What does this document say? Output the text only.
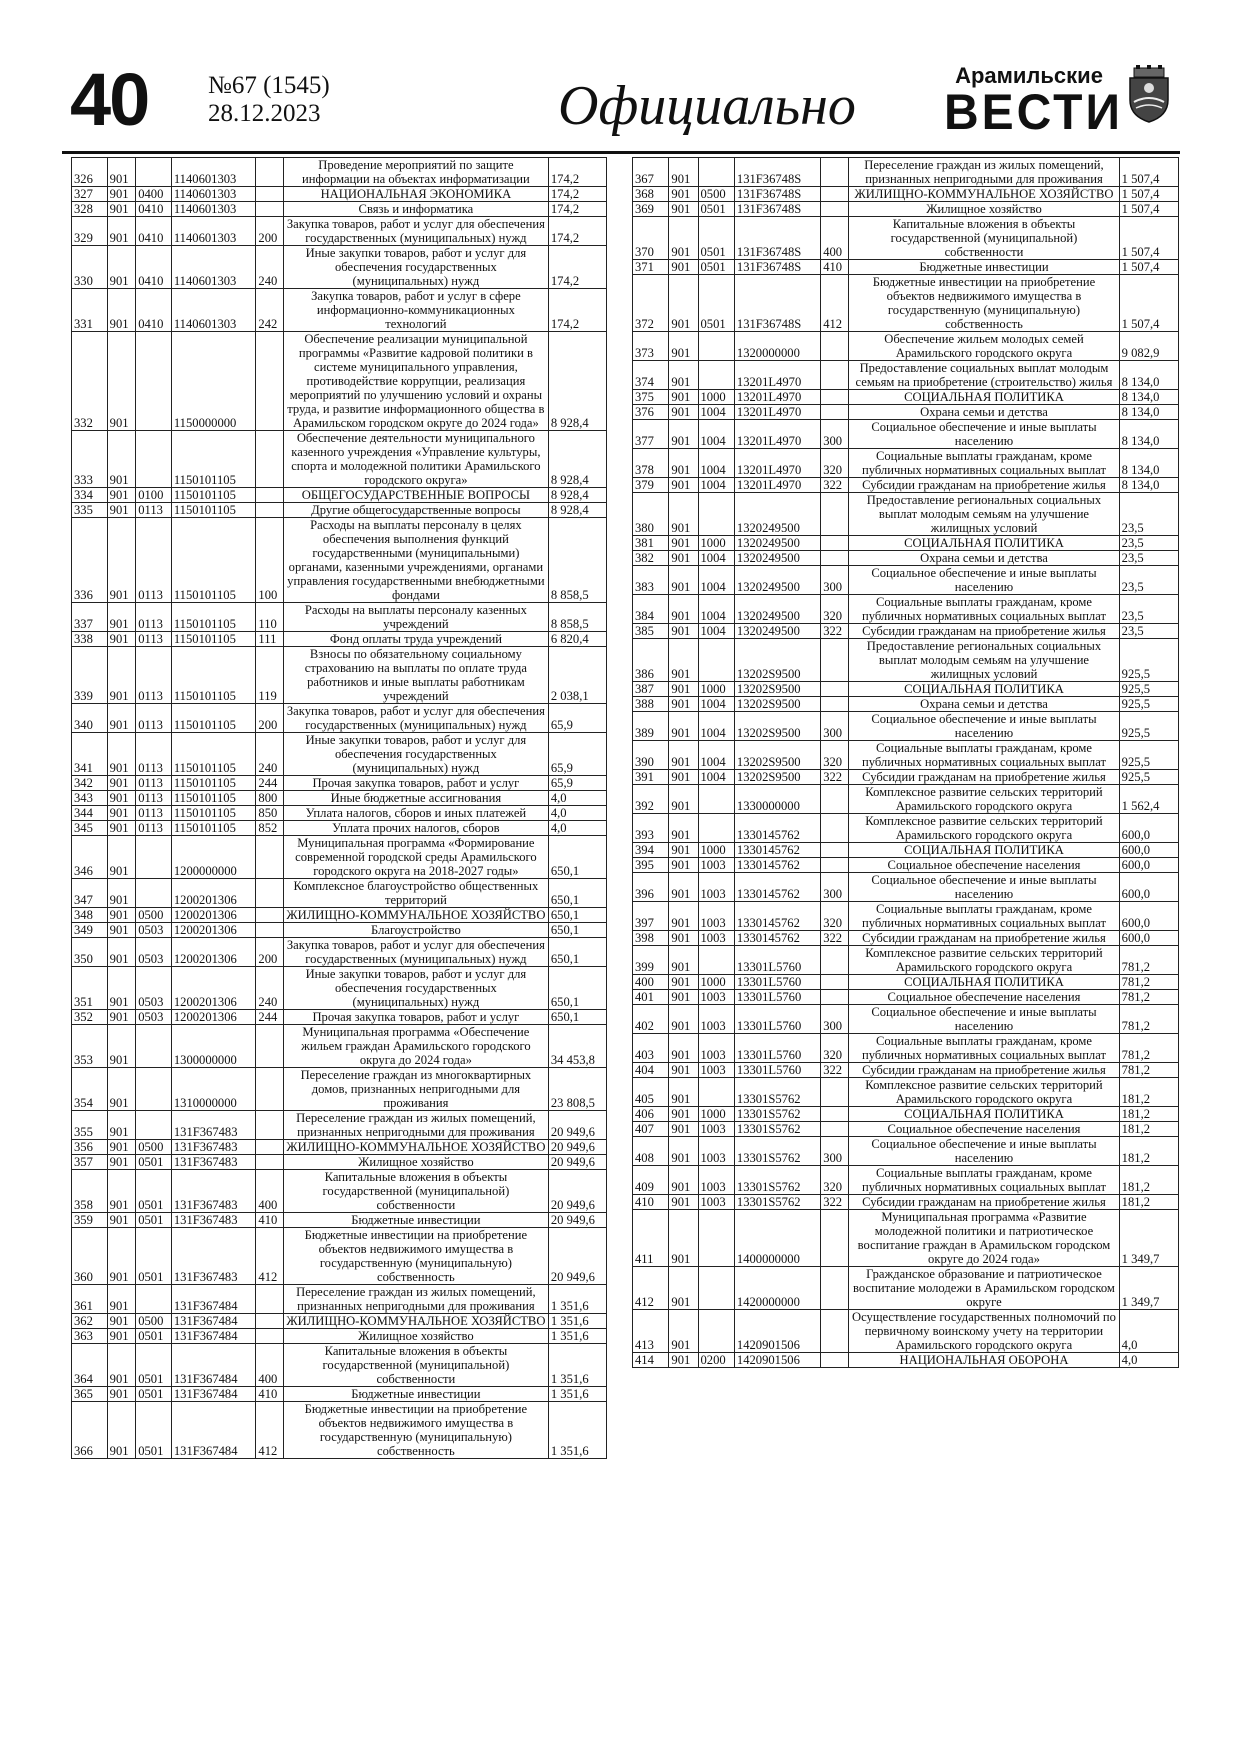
40 №67 (1545)
28.12.2023	Официально	Арамильские
ВЕСТИ
326	901		1140601303		Проведение мероприятий по защите информации на объектах информатизации	174,2
327	901	0400	1140601303		НАЦИОНАЛЬНАЯ ЭКОНОМИКА	174,2
328	901	0410	1140601303		Связь и информатика	174,2
329	901	0410	1140601303	200	Закупка товаров, работ и услуг для обеспечения государственных (муниципальных) нужд	174,2
330	901	0410	1140601303	240	Иные закупки товаров, работ и услуг для обеспечения государственных (муниципальных) нужд	174,2
331	901	0410	1140601303	242	Закупка товаров, работ и услуг в сфере информационно-коммуникационных технологий	174,2
332	901		1150000000		Обеспечение реализации муниципальной программы «Развитие кадровой политики в системе муниципального управления, противодействие коррупции, реализация мероприятий по улучшению условий и охраны труда, и развитие информационного общества в Арамильском городском округе до 2024 года»	8 928,4
333	901		1150101105		Обеспечение деятельности муниципального казенного учреждения «Управление культуры, спорта и молодежной политики Арамильского городского округа»	8 928,4
334	901	0100	1150101105		ОБЩЕГОСУДАРСТВЕННЫЕ ВОПРОСЫ	8 928,4
335	901	0113	1150101105		Другие общегосударственные вопросы	8 928,4
336	901	0113	1150101105	100	Расходы на выплаты персоналу в целях обеспечения выполнения функций государственными (муниципальными) органами, казенными учреждениями, органами управления государственными внебюджетными фондами	8 858,5
337	901	0113	1150101105	110	Расходы на выплаты персоналу казенных учреждений	8 858,5
338	901	0113	1150101105	111	Фонд оплаты труда учреждений	6 820,4
339	901	0113	1150101105	119	Взносы по обязательному социальному страхованию на выплаты по оплате труда работников и иные выплаты работникам учреждений	2 038,1
340	901	0113	1150101105	200	Закупка товаров, работ и услуг для обеспечения государственных (муниципальных) нужд	65,9
341	901	0113	1150101105	240	Иные закупки товаров, работ и услуг для обеспечения государственных (муниципальных) нужд	65,9
342	901	0113	1150101105	244	Прочая закупка товаров, работ и услуг	65,9
343	901	0113	1150101105	800	Иные бюджетные ассигнования	4,0
344	901	0113	1150101105	850	Уплата налогов, сборов и иных платежей	4,0
345	901	0113	1150101105	852	Уплата прочих налогов, сборов	4,0
346	901		1200000000		Муниципальная программа «Формирование современной городской среды Арамильского городского округа на 2018-2027 годы»	650,1
347	901		1200201306		Комплексное благоустройство общественных территорий	650,1
348	901	0500	1200201306		ЖИЛИЩНО-КОММУНАЛЬНОЕ ХОЗЯЙСТВО	650,1
349	901	0503	1200201306		Благоустройство	650,1
350	901	0503	1200201306	200	Закупка товаров, работ и услуг для обеспечения государственных (муниципальных) нужд	650,1
351	901	0503	1200201306	240	Иные закупки товаров, работ и услуг для обеспечения государственных (муниципальных) нужд	650,1
352	901	0503	1200201306	244	Прочая закупка товаров, работ и услуг	650,1
353	901		1300000000		Муниципальная программа «Обеспечение жильем граждан Арамильского городского округа до 2024 года»	34 453,8
354	901		1310000000		Переселение граждан из многоквартирных домов, признанных непригодными для проживания	23 808,5
355	901		131F367483		Переселение граждан из жилых помещений, признанных непригодными для проживания	20 949,6
356	901	0500	131F367483		ЖИЛИЩНО-КОММУНАЛЬНОЕ ХОЗЯЙСТВО	20 949,6
357	901	0501	131F367483		Жилищное хозяйство	20 949,6
358	901	0501	131F367483	400	Капитальные вложения в объекты государственной (муниципальной) собственности	20 949,6
359	901	0501	131F367483	410	Бюджетные инвестиции	20 949,6
360	901	0501	131F367483	412	Бюджетные инвестиции на приобретение объектов недвижимого имущества в государственную (муниципальную) собственность	20 949,6
361	901		131F367484		Переселение граждан из жилых помещений, признанных непригодными для проживания	1 351,6
362	901	0500	131F367484		ЖИЛИЩНО-КОММУНАЛЬНОЕ ХОЗЯЙСТВО	1 351,6
363	901	0501	131F367484		Жилищное хозяйство	1 351,6
364	901	0501	131F367484	400	Капитальные вложения в объекты государственной (муниципальной) собственности	1 351,6
365	901	0501	131F367484	410	Бюджетные инвестиции	1 351,6
366	901	0501	131F367484	412	Бюджетные инвестиции на приобретение объектов недвижимого имущества в государственную (муниципальную) собственность	1 351,6
367	901		131F36748S		Переселение граждан из жилых помещений, признанных непригодными для проживания	1 507,4
368	901	0500	131F36748S		ЖИЛИЩНО-КОММУНАЛЬНОЕ ХОЗЯЙСТВО	1 507,4
369	901	0501	131F36748S		Жилищное хозяйство	1 507,4
370	901	0501	131F36748S	400	Капитальные вложения в объекты государственной (муниципальной) собственности	1 507,4
371	901	0501	131F36748S	410	Бюджетные инвестиции	1 507,4
372	901	0501	131F36748S	412	Бюджетные инвестиции на приобретение объектов недвижимого имущества в государственную (муниципальную) собственность	1 507,4
373	901		1320000000		Обеспечение жильем молодых семей Арамильского городского округа	9 082,9
374	901		13201L4970		Предоставление социальных выплат молодым семьям на приобретение (строительство) жилья	8 134,0
375	901	1000	13201L4970		СОЦИАЛЬНАЯ ПОЛИТИКА	8 134,0
376	901	1004	13201L4970		Охрана семьи и детства	8 134,0
377	901	1004	13201L4970	300	Социальное обеспечение и иные выплаты населению	8 134,0
378	901	1004	13201L4970	320	Социальные выплаты гражданам, кроме публичных нормативных социальных выплат	8 134,0
379	901	1004	13201L4970	322	Субсидии гражданам на приобретение жилья	8 134,0
380	901		1320249500		Предоставление региональных социальных выплат молодым семьям на улучшение жилищных условий	23,5
381	901	1000	1320249500		СОЦИАЛЬНАЯ ПОЛИТИКА	23,5
382	901	1004	1320249500		Охрана семьи и детства	23,5
383	901	1004	1320249500	300	Социальное обеспечение и иные выплаты населению	23,5
384	901	1004	1320249500	320	Социальные выплаты гражданам, кроме публичных нормативных социальных выплат	23,5
385	901	1004	1320249500	322	Субсидии гражданам на приобретение жилья	23,5
386	901		13202S9500		Предоставление региональных социальных выплат молодым семьям на улучшение жилищных условий	925,5
387	901	1000	13202S9500		СОЦИАЛЬНАЯ ПОЛИТИКА	925,5
388	901	1004	13202S9500		Охрана семьи и детства	925,5
389	901	1004	13202S9500	300	Социальное обеспечение и иные выплаты населению	925,5
390	901	1004	13202S9500	320	Социальные выплаты гражданам, кроме публичных нормативных социальных выплат	925,5
391	901	1004	13202S9500	322	Субсидии гражданам на приобретение жилья	925,5
392	901		1330000000		Комплексное развитие сельских территорий Арамильского городского округа	1 562,4
393	901		1330145762		Комплексное развитие сельских территорий Арамильского городского округа	600,0
394	901	1000	1330145762		СОЦИАЛЬНАЯ ПОЛИТИКА	600,0
395	901	1003	1330145762		Социальное обеспечение населения	600,0
396	901	1003	1330145762	300	Социальное обеспечение и иные выплаты населению	600,0
397	901	1003	1330145762	320	Социальные выплаты гражданам, кроме публичных нормативных социальных выплат	600,0
398	901	1003	1330145762	322	Субсидии гражданам на приобретение жилья	600,0
399	901		13301L5760		Комплексное развитие сельских территорий Арамильского городского округа	781,2
400	901	1000	13301L5760		СОЦИАЛЬНАЯ ПОЛИТИКА	781,2
401	901	1003	13301L5760		Социальное обеспечение населения	781,2
402	901	1003	13301L5760	300	Социальное обеспечение и иные выплаты населению	781,2
403	901	1003	13301L5760	320	Социальные выплаты гражданам, кроме публичных нормативных социальных выплат	781,2
404	901	1003	13301L5760	322	Субсидии гражданам на приобретение жилья	781,2
405	901		13301S5762		Комплексное развитие сельских территорий Арамильского городского округа	181,2
406	901	1000	13301S5762		СОЦИАЛЬНАЯ ПОЛИТИКА	181,2
407	901	1003	13301S5762		Социальное обеспечение населения	181,2
408	901	1003	13301S5762	300	Социальное обеспечение и иные выплаты населению	181,2
409	901	1003	13301S5762	320	Социальные выплаты гражданам, кроме публичных нормативных социальных выплат	181,2
410	901	1003	13301S5762	322	Субсидии гражданам на приобретение жилья	181,2
411	901		1400000000		Муниципальная программа «Развитие молодежной политики и патриотическое воспитание граждан в Арамильском городском округе до 2024 года»	1 349,7
412	901		1420000000		Гражданское образование и патриотическое воспитание молодежи в Арамильском городском округе	1 349,7
413	901		1420901506		Осуществление государственных полномочий по первичному воинскому учету на территории Арамильского городского округа	4,0
414	901	0200	1420901506		НАЦИОНАЛЬНАЯ ОБОРОНА	4,0
